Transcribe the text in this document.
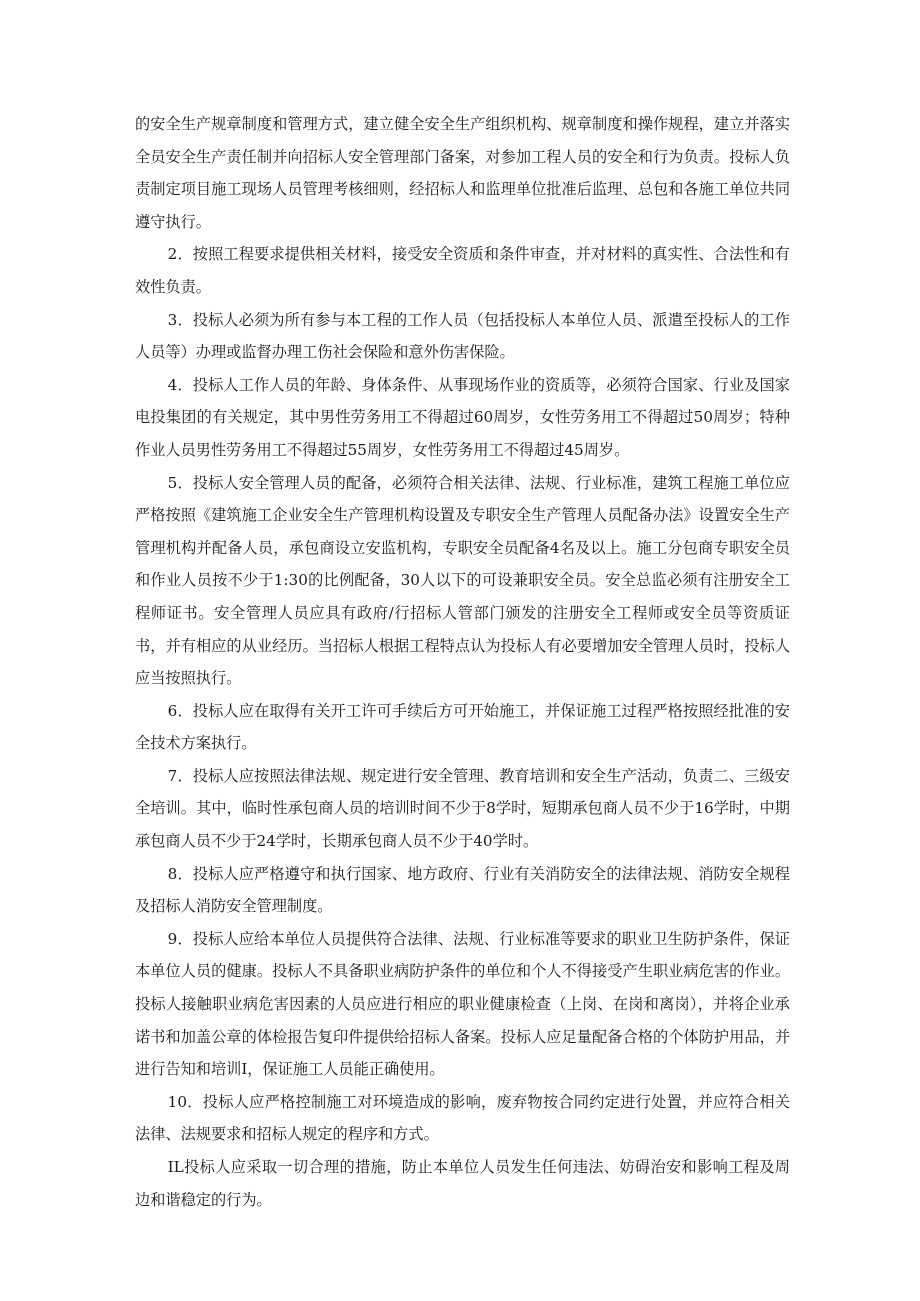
的安全生产规章制度和管理方式，建立健全安全生产组织机构、规章制度和操作规程，建立并落实全员安全生产责任制并向招标人安全管理部门备案，对参加工程人员的安全和行为负责。投标人负责制定项目施工现场人员管理考核细则，经招标人和监理单位批准后监理、总包和各施工单位共同遵守执行。

2．按照工程要求提供相关材料，接受安全资质和条件审查，并对材料的真实性、合法性和有效性负责。

3．投标人必须为所有参与本工程的工作人员（包括投标人本单位人员、派遣至投标人的工作人员等）办理或监督办理工伤社会保险和意外伤害保险。

4．投标人工作人员的年龄、身体条件、从事现场作业的资质等，必须符合国家、行业及国家电投集团的有关规定，其中男性劳务用工不得超过60周岁，女性劳务用工不得超过50周岁；特种作业人员男性劳务用工不得超过55周岁，女性劳务用工不得超过45周岁。

5．投标人安全管理人员的配备，必须符合相关法律、法规、行业标准，建筑工程施工单位应严格按照《建筑施工企业安全生产管理机构设置及专职安全生产管理人员配备办法》设置安全生产管理机构并配备人员，承包商设立安监机构，专职安全员配备4名及以上。施工分包商专职安全员和作业人员按不少于1:30的比例配备，30人以下的可设兼职安全员。安全总监必须有注册安全工程师证书。安全管理人员应具有政府/行招标人管部门颁发的注册安全工程师或安全员等资质证书，并有相应的从业经历。当招标人根据工程特点认为投标人有必要增加安全管理人员时，投标人应当按照执行。

6．投标人应在取得有关开工许可手续后方可开始施工，并保证施工过程严格按照经批准的安全技术方案执行。

7．投标人应按照法律法规、规定进行安全管理、教育培训和安全生产活动，负责二、三级安全培训。其中，临时性承包商人员的培训时间不少于8学时，短期承包商人员不少于16学时，中期承包商人员不少于24学时，长期承包商人员不少于40学时。

8．投标人应严格遵守和执行国家、地方政府、行业有关消防安全的法律法规、消防安全规程及招标人消防安全管理制度。

9．投标人应给本单位人员提供符合法律、法规、行业标准等要求的职业卫生防护条件，保证本单位人员的健康。投标人不具备职业病防护条件的单位和个人不得接受产生职业病危害的作业。投标人接触职业病危害因素的人员应进行相应的职业健康检查（上岗、在岗和离岗），并将企业承诺书和加盖公章的体检报告复印件提供给招标人备案。投标人应足量配备合格的个体防护用品，并进行告知和培训I，保证施工人员能正确使用。

10．投标人应严格控制施工对环境造成的影响，废弃物按合同约定进行处置，并应符合相关法律、法规要求和招标人规定的程序和方式。

IL投标人应采取一切合理的措施，防止本单位人员发生任何违法、妨碍治安和影响工程及周边和谐稳定的行为。
